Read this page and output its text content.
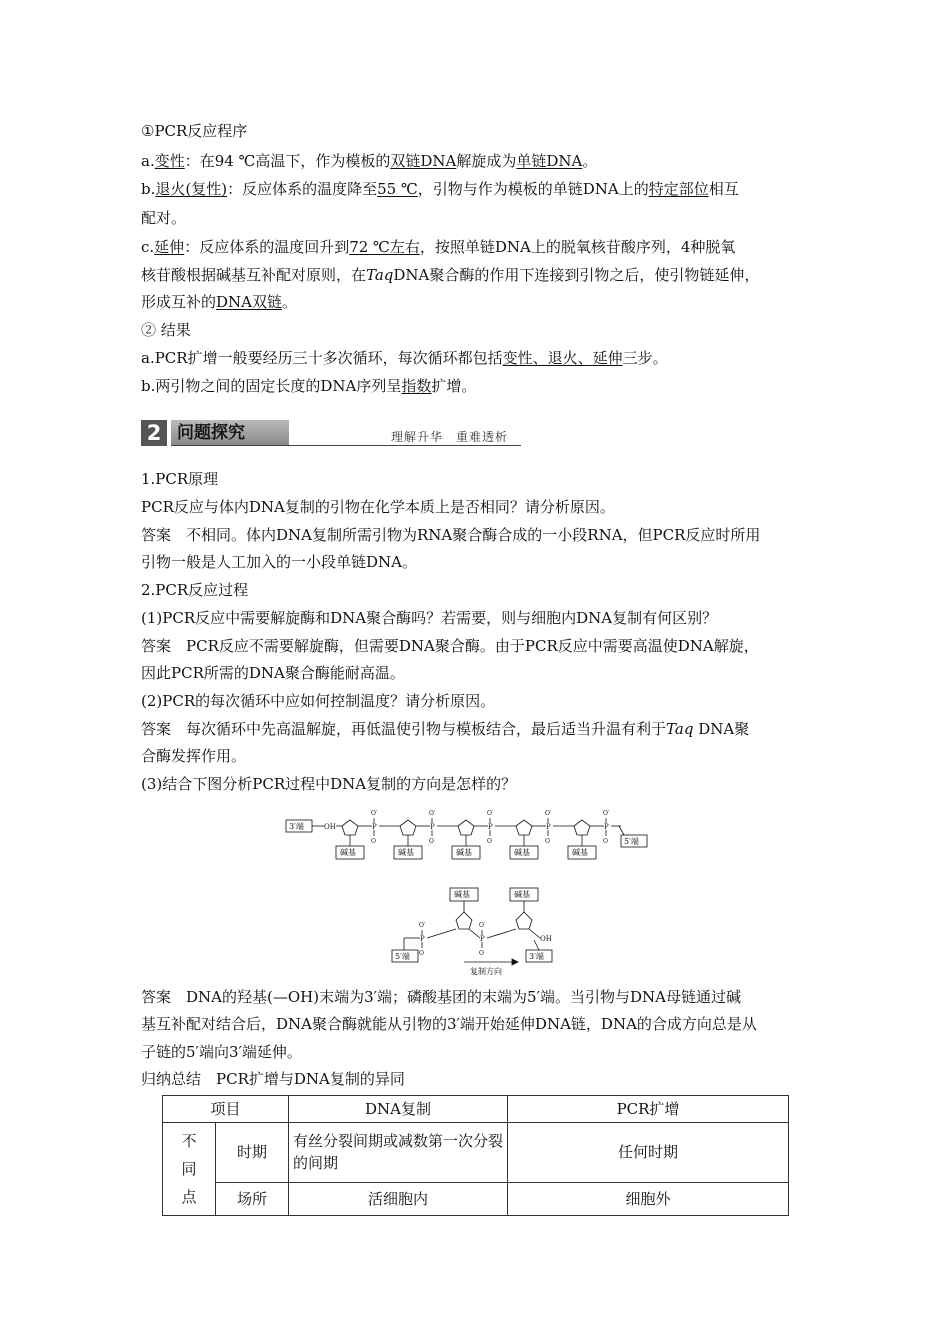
①PCR反应程序
a.变性：在94 ℃高温下，作为模板的双链DNA解旋成为单链DNA。
b.退火(复性)：反应体系的温度降至55 ℃，引物与作为模板的单链DNA上的特定部位相互
配对。
c.延伸：反应体系的温度回升到72 ℃左右，按照单链DNA上的脱氧核苷酸序列，4种脱氧
核苷酸根据碱基互补配对原则，在TaqDNA聚合酶的作用下连接到引物之后，使引物链延伸，
形成互补的DNA双链。
② 结果
a.PCR扩增一般要经历三十多次循环，每次循环都包括变性、退火、延伸三步。
b.两引物之间的固定长度的DNA序列呈指数扩增。
2 问题探究	理解升华　重难透析
1.PCR原理
PCR反应与体内DNA复制的引物在化学本质上是否相同？请分析原因。
答案　 不相同。体内DNA复制所需引物为RNA聚合酶合成的一小段RNA，但PCR反应时所用
引物一般是人工加入的一小段单链DNA。
2.PCR反应过程
(1)PCR反应中需要解旋酶和DNA聚合酶吗？若需要，则与细胞内DNA复制有何区别？
答案　 PCR反应不需要解旋酶，但需要DNA聚合酶。由于PCR反应中需要高温使DNA解旋，
因此PCR所需的DNA聚合酶能耐高温。
(2)PCR的每次循环中应如何控制温度？请分析原因。
答案　 每次循环中先高温解旋，再低温使引物与模板结合，最后适当升温有利于Taq DNA聚
合酶发挥作用。
(3)结合下图分析PCR过程中DNA复制的方向是怎样的？
3′端	OH
碱基
P
O′
O
碱基
P
O′
O
碱基
P
O′
O
碱基
P
O′
O
碱基
P
O′
O 5′端
碱基	碱基
P
O′
O
P
O′
O
OH
5′端	3′端
复制方向
答案　 DNA的羟基(—OH)末端为3′端；磷酸基团的末端为5′端。当引物与DNA母链通过碱
基互补配对结合后，DNA聚合酶就能从引物的3′端开始延伸DNA链，DNA的合成方向总是从
子链的5′端向3′端延伸。
归纳总结　 PCR扩增与DNA复制的异同
项目		DNA复制	PCR扩增

不同点	时期	有丝分裂间期或减数第一次分裂的间期	任何时期
	场所	活细胞内	细胞外
